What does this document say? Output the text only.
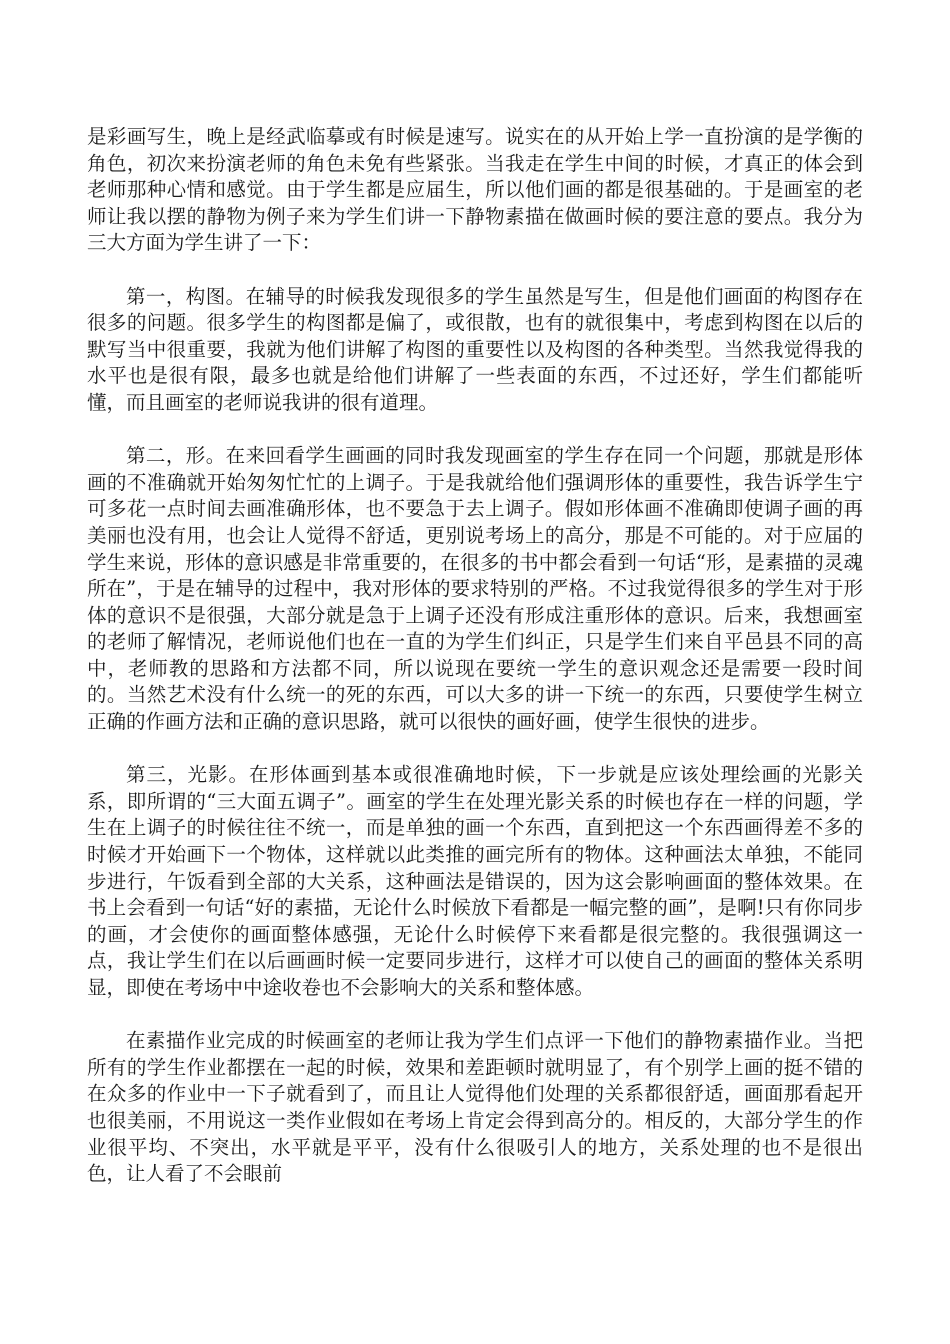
是彩画写生，晚上是经武临摹或有时候是速写。说实在的从开始上学一直扮演的是学衡的角色，初次来扮演老师的角色未免有些紧张。当我走在学生中间的时候，才真正的体会到老师那种心情和感觉。由于学生都是应届生，所以他们画的都是很基础的。于是画室的老师让我以摆的静物为例子来为学生们讲一下静物素描在做画时候的要注意的要点。我分为三大方面为学生讲了一下：

第一，构图。在辅导的时候我发现很多的学生虽然是写生，但是他们画面的构图存在很多的问题。很多学生的构图都是偏了，或很散，也有的就很集中，考虑到构图在以后的默写当中很重要，我就为他们讲解了构图的重要性以及构图的各种类型。当然我觉得我的水平也是很有限，最多也就是给他们讲解了一些表面的东西，不过还好，学生们都能听懂，而且画室的老师说我讲的很有道理。

第二，形。在来回看学生画画的同时我发现画室的学生存在同一个问题，那就是形体画的不准确就开始匆匆忙忙的上调子。于是我就给他们强调形体的重要性，我告诉学生宁可多花一点时间去画准确形体，也不要急于去上调子。假如形体画不准确即使调子画的再美丽也没有用，也会让人觉得不舒适，更别说考场上的高分，那是不可能的。对于应届的学生来说，形体的意识感是非常重要的，在很多的书中都会看到一句话“形，是素描的灵魂所在”，于是在辅导的过程中，我对形体的要求特别的严格。不过我觉得很多的学生对于形体的意识不是很强，大部分就是急于上调子还没有形成注重形体的意识。后来，我想画室的老师了解情况，老师说他们也在一直的为学生们纠正，只是学生们来自平邑县不同的高中，老师教的思路和方法都不同，所以说现在要统一学生的意识观念还是需要一段时间的。当然艺术没有什么统一的死的东西，可以大多的讲一下统一的东西，只要使学生树立正确的作画方法和正确的意识思路，就可以很快的画好画，使学生很快的进步。

第三，光影。在形体画到基本或很准确地时候，下一步就是应该处理绘画的光影关系，即所谓的“三大面五调子”。画室的学生在处理光影关系的时候也存在一样的问题，学生在上调子的时候往往不统一，而是单独的画一个东西，直到把这一个东西画得差不多的时候才开始画下一个物体，这样就以此类推的画完所有的物体。这种画法太单独，不能同步进行，午饭看到全部的大关系，这种画法是错误的，因为这会影响画面的整体效果。在书上会看到一句话“好的素描，无论什么时候放下看都是一幅完整的画”，是啊!只有你同步的画，才会使你的画面整体感强，无论什么时候停下来看都是很完整的。我很强调这一点，我让学生们在以后画画时候一定要同步进行，这样才可以使自己的画面的整体关系明显，即使在考场中中途收卷也不会影响大的关系和整体感。

在素描作业完成的时候画室的老师让我为学生们点评一下他们的静物素描作业。当把所有的学生作业都摆在一起的时候，效果和差距顿时就明显了，有个别学上画的挺不错的在众多的作业中一下子就看到了，而且让人觉得他们处理的关系都很舒适，画面那看起开也很美丽，不用说这一类作业假如在考场上肯定会得到高分的。相反的，大部分学生的作业很平均、不突出，水平就是平平，没有什么很吸引人的地方，关系处理的也不是很出色，让人看了不会眼前
